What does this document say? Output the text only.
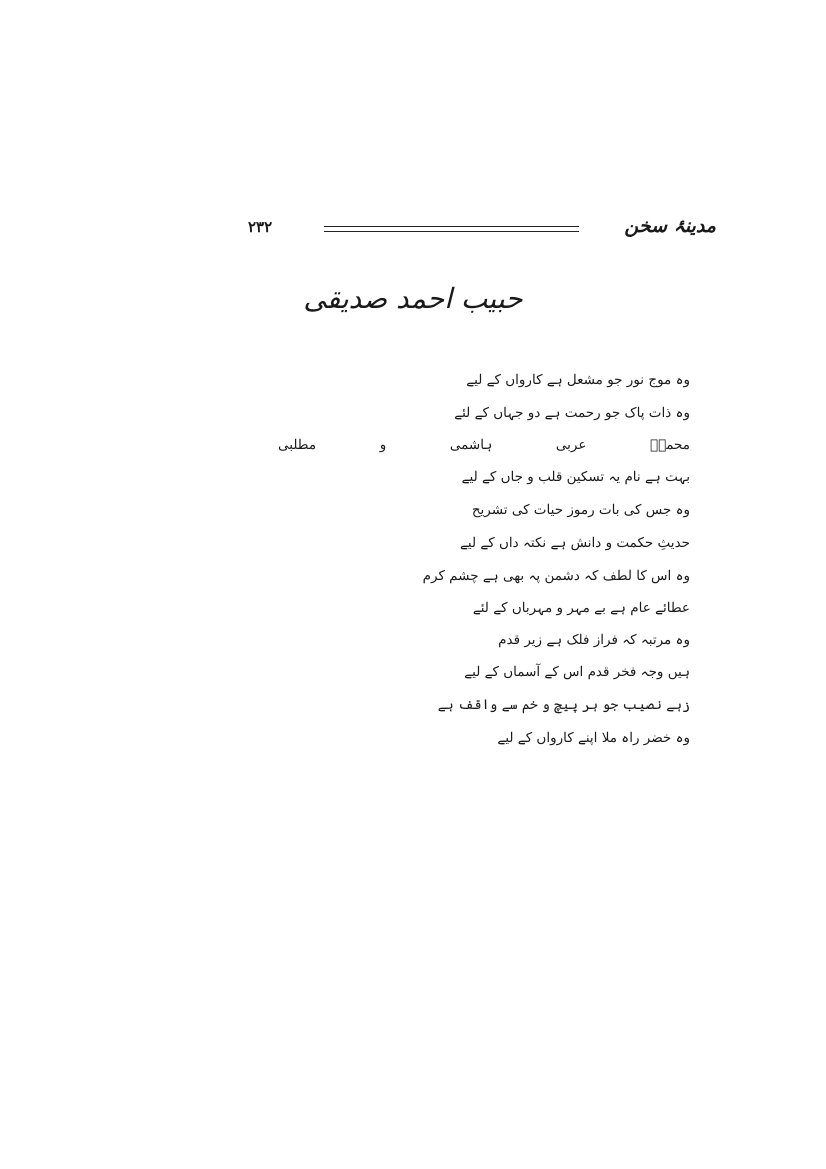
۲۳۲	مدینۂ سخن
حبیب احمد صدیقی
وہ موج نور جو مشعل ہے کارواں کے لیے
وہ ذات پاک جو رحمت ہے دو جہاں کے لئے
محمدؐ عربی ہاشمی و مطلبی
بہت ہے نام یہ تسکین قلب و جاں کے لیے
وہ جس کی بات رموز حیات کی تشریح
حدیثِ حکمت و دانش ہے نکتہ داں کے لیے
وہ اس کا لطف کہ دشمن پہ بھی ہے چشم کرم
عطائے عام ہے بے مہر و مہرباں کے لئے
وہ مرتبہ کہ فراز فلک ہے زیر قدم
ہیں وجہ فخر قدم اس کے آسماں کے لیے
زہے نصیب جو ہر پیچ و خم سے واقف ہے
وہ خضر راہ ملا اپنے کارواں کے لیے
